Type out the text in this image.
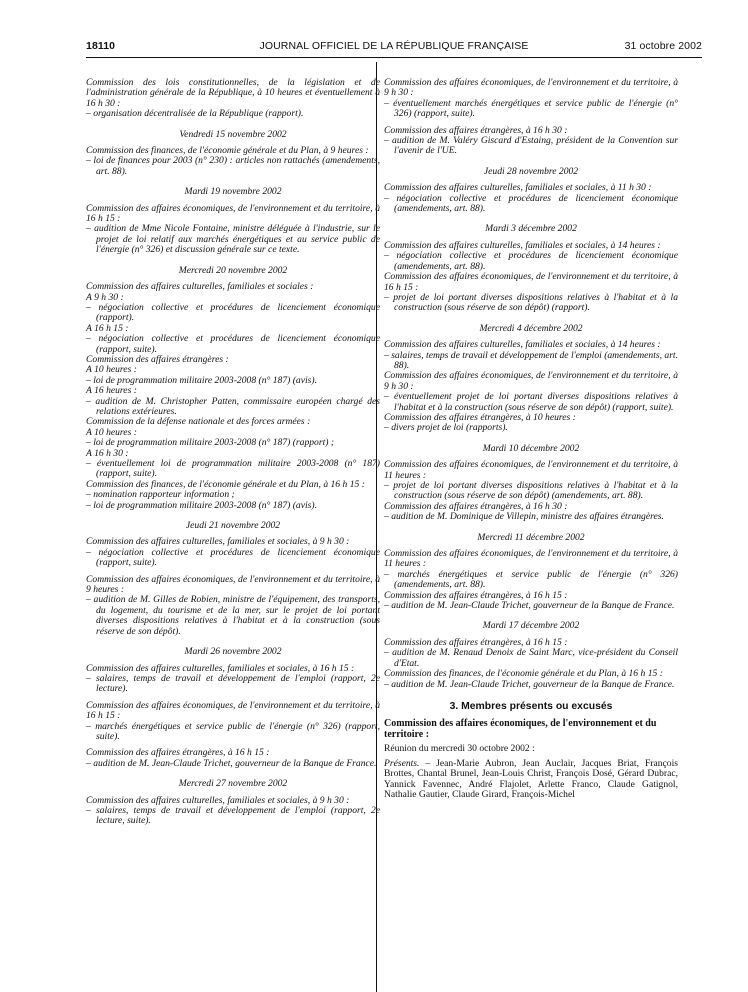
18110	JOURNAL OFFICIEL DE LA RÉPUBLIQUE FRANÇAISE	31 octobre 2002

Commission des lois constitutionnelles, de la législation et de l'administration générale de la République, à 10 heures et éventuellement à 16 h 30 :

– organisation décentralisée de la République (rapport).

Vendredi 15 novembre 2002

Commission des finances, de l'économie générale et du Plan, à 9 heures :

– loi de finances pour 2003 (n° 230) : articles non rattachés (amendements, art. 88).

Mardi 19 novembre 2002

Commission des affaires économiques, de l'environnement et du territoire, à 16 h 15 :

– audition de Mme Nicole Fontaine, ministre déléguée à l'industrie, sur le projet de loi relatif aux marchés énergétiques et au service public de l'énergie (n° 326) et discussion générale sur ce texte.

Mercredi 20 novembre 2002

Commission des affaires culturelles, familiales et sociales :

A 9 h 30 :

– négociation collective et procédures de licenciement économique (rapport).

A 16 h 15 :

– négociation collective et procédures de licenciement économique (rapport, suite).

Commission des affaires étrangères :

A 10 heures :

– loi de programmation militaire 2003-2008 (n° 187) (avis).

A 16 heures :

– audition de M. Christopher Patten, commissaire européen chargé des relations extérieures.

Commission de la défense nationale et des forces armées :

A 10 heures :

– loi de programmation militaire 2003-2008 (n° 187) (rapport) ;

A 16 h 30 :

– éventuellement loi de programmation militaire 2003-2008 (n° 187) (rapport, suite).

Commission des finances, de l'économie générale et du Plan, à 16 h 15 :

– nomination rapporteur information ;

– loi de programmation militaire 2003-2008 (n° 187) (avis).

Jeudi 21 novembre 2002

Commission des affaires culturelles, familiales et sociales, à 9 h 30 :

– négociation collective et procédures de licenciement économique (rapport, suite).

Commission des affaires économiques, de l'environnement et du territoire, à 9 heures :

– audition de M. Gilles de Robien, ministre de l'équipement, des transports, du logement, du tourisme et de la mer, sur le projet de loi portant diverses dispositions relatives à l'habitat et à la construction (sous réserve de son dépôt).

Mardi 26 novembre 2002

Commission des affaires culturelles, familiales et sociales, à 16 h 15 :

– salaires, temps de travail et développement de l'emploi (rapport, 2e lecture).

Commission des affaires économiques, de l'environnement et du territoire, à 16 h 15 :

– marchés énergétiques et service public de l'énergie (n° 326) (rapport, suite).

Commission des affaires étrangères, à 16 h 15 :

– audition de M. Jean-Claude Trichet, gouverneur de la Banque de France.

Mercredi 27 novembre 2002

Commission des affaires culturelles, familiales et sociales, à 9 h 30 :

– salaires, temps de travail et développement de l'emploi (rapport, 2e lecture, suite).

Commission des affaires économiques, de l'environnement et du territoire, à 9 h 30 :

– éventuellement marchés énergétiques et service public de l'énergie (n° 326) (rapport, suite).

Commission des affaires étrangères, à 16 h 30 :

– audition de M. Valéry Giscard d'Estaing, président de la Convention sur l'avenir de l'UE.

Jeudi 28 novembre 2002

Commission des affaires culturelles, familiales et sociales, à 11 h 30 :

– négociation collective et procédures de licenciement économique (amendements, art. 88).

Mardi 3 décembre 2002

Commission des affaires culturelles, familiales et sociales, à 14 heures :

– négociation collective et procédures de licenciement économique (amendements, art. 88).

Commission des affaires économiques, de l'environnement et du territoire, à 16 h 15 :

– projet de loi portant diverses dispositions relatives à l'habitat et à la construction (sous réserve de son dépôt) (rapport).

Mercredi 4 décembre 2002

Commission des affaires culturelles, familiales et sociales, à 14 heures :

– salaires, temps de travail et développement de l'emploi (amendements, art. 88).

Commission des affaires économiques, de l'environnement et du territoire, à 9 h 30 :

– éventuellement projet de loi portant diverses dispositions relatives à l'habitat et à la construction (sous réserve de son dépôt) (rapport, suite).

Commission des affaires étrangères, à 10 heures :

– divers projet de loi (rapports).

Mardi 10 décembre 2002

Commission des affaires économiques, de l'environnement et du territoire, à 11 heures :

– projet de loi portant diverses dispositions relatives à l'habitat et à la construction (sous réserve de son dépôt) (amendements, art. 88).

Commission des affaires étrangères, à 16 h 30 :

– audition de M. Dominique de Villepin, ministre des affaires étrangères.

Mercredi 11 décembre 2002

Commission des affaires économiques, de l'environnement et du territoire, à 11 heures :

– marchés énergétiques et service public de l'énergie (n° 326) (amendements, art. 88).

Commission des affaires étrangères, à 16 h 15 :

– audition de M. Jean-Claude Trichet, gouverneur de la Banque de France.

Mardi 17 décembre 2002

Commission des affaires étrangères, à 16 h 15 :

– audition de M. Renaud Denoix de Saint Marc, vice-président du Conseil d'Etat.

Commission des finances, de l'économie générale et du Plan, à 16 h 15 :

– audition de M. Jean-Claude Trichet, gouverneur de la Banque de France.

3. Membres présents ou excusés
Commission des affaires économiques, de l'environnement et du territoire :

Réunion du mercredi 30 octobre 2002 :

Présents. – Jean-Marie Aubron, Jean Auclair, Jacques Briat, François Brottes, Chantal Brunel, Jean-Louis Christ, François Dosé, Gérard Dubrac, Yannick Favennec, André Flajolet, Arlette Franco, Claude Gatignol, Nathalie Gautier, Claude Girard, François-Michel
